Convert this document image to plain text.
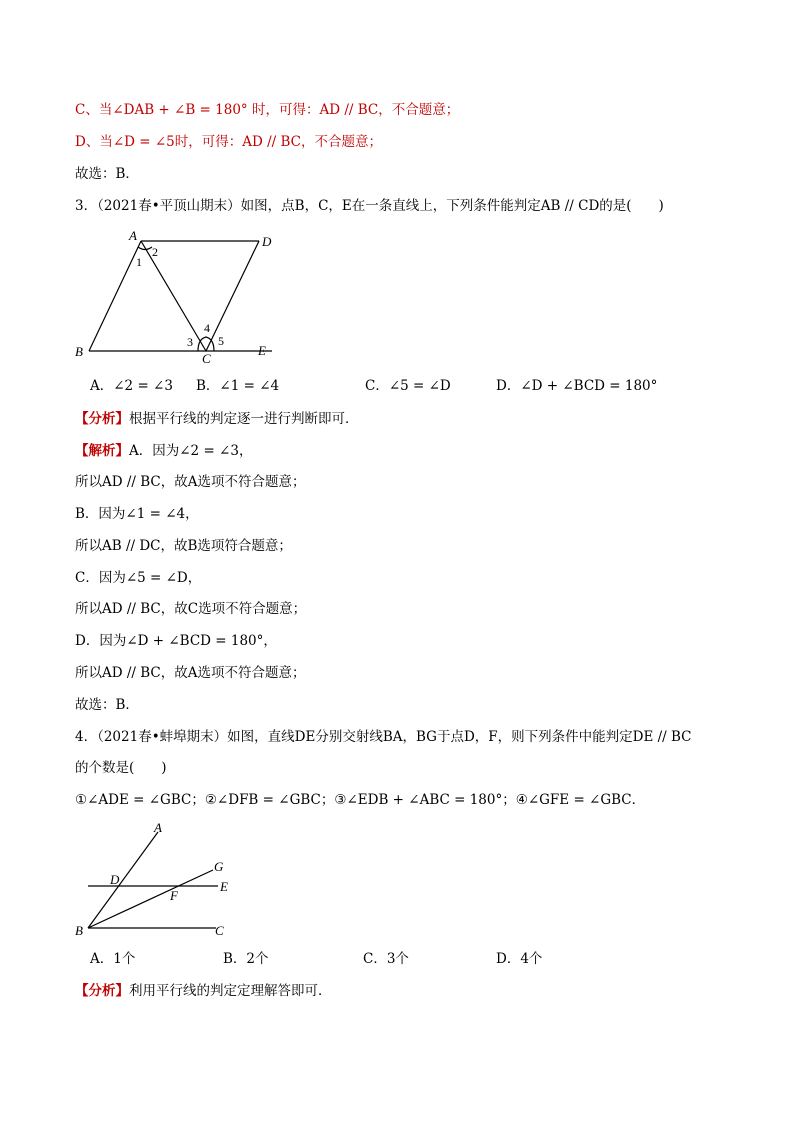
C、当∠DAB + ∠B = 180° 时，可得：AD // BC，不合题意；
D、当∠D = ∠5时，可得：AD // BC，不合题意；
故选：B．
3．（2021春•平顶山期末）如图，点B，C，E在一条直线上，下列条件能判定AB // CD的是(　　)
A	D
B	C
E
1
2
3
4
5
A．∠2 = ∠3 B．∠1 = ∠4	C．∠5 = ∠D	D．∠D + ∠BCD = 180°
【分析】根据平行线的判定逐一进行判断即可．
【解析】A．因为∠2 = ∠3，
所以AD // BC，故A选项不符合题意；
B．因为∠1 = ∠4，
所以AB // DC，故B选项符合题意；
C．因为∠5 = ∠D，
所以AD // BC，故C选项不符合题意；
D．因为∠D + ∠BCD = 180°，
所以AD // BC，故A选项不符合题意；
故选：B．
4．（2021春•蚌埠期末）如图，直线DE分别交射线BA，BG于点D，F，则下列条件中能判定DE // BC
的个数是(　　)
①∠ADE = ∠GBC；②∠DFB = ∠GBC；③∠EDB + ∠ABC = 180°；④∠GFE = ∠GBC．
A
G
D	E
F
B	C
A．1个	B．2个	C．3个	D．4个
【分析】利用平行线的判定定理解答即可．
